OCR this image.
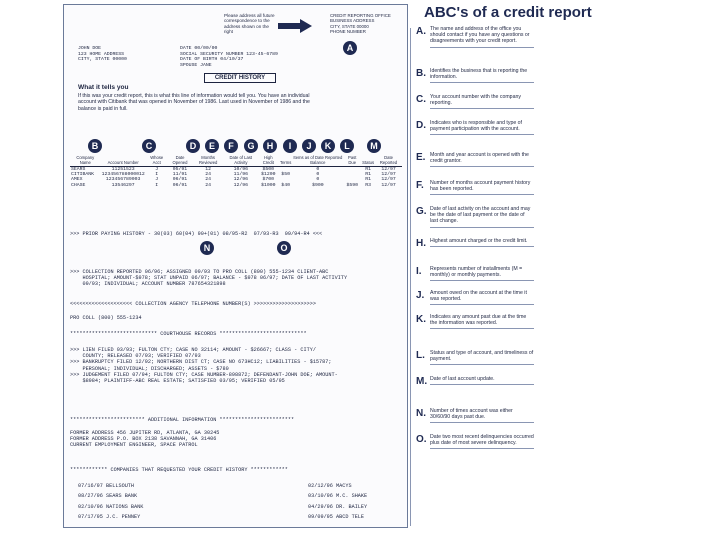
Please address all future correspondence to the address shown on the right
CREDIT REPORTING OFFICE
BUSINESS ADDRESS
CITY, STATE 00000
PHONE NUMBER
A
JOHN DOE
123 HOME ADDRESS
CITY, STATE 00000
DATE 00/00/00
SOCIAL SECURITY NUMBER 123-45-6789
DATE OF BIRTH 04/10/37
SPOUSE JANE
CREDIT HISTORY
What it tells you
If this was your credit report, this is what this line of information would tell you. You have an individual account with Citibank that was opened in November of 1986. Last used in November of 1986 and the balance is paid in full.
B	C	D	E	F	G	H	I	J	K	L	M
Company Name	Account Number	Whose Acct	Date Opened	Months Reviewed	Date of Last Activity	High Credit	Terms	Items as of Date Reported
Balance	Past Due	Status	Date Reported
SEARS	11251523	J	05/91	12	10/96	$500		0		R1	12/97
CITIBANK	123456788000012	I	11/91	24	11/96	$1200	$50	0		R1	12/97
AMEX	123456789003	J	06/91	24	12/96	$700		0		R1	12/97
CHASE	13546297	I	06/91	24	12/96	$1000	$40	$900	$590	R3	12/97
>>> PRIOR PAYING HISTORY - 30(03) 60(04) 90+(01) 08/95-R2  07/93-R3  09/94-R4 <<<
N	O
>>> COLLECTION REPORTED 06/96; ASSIGNED 09/93 TO PRO COLL (800) 555-1234 CLIENT-ABC
HOSPITAL; AMOUNT-$978; STAT UNPAID 06/97; BALANCE - $978 06/97; DATE OF LAST ACTIVITY
09/93; INDIVIDUAL; ACCOUNT NUMBER 787654321898
<<<<<<<<<<<<<<<<<<<< COLLECTION AGENCY TELEPHONE NUMBER(S) >>>>>>>>>>>>>>>>>>>>
PRO COLL (800) 555-1234
**************************** COURTHOUSE RECORDS ****************************
>>> LIEN FILED 03/93; FULTON CTY; CASE NO 32114; AMOUNT - $26667; CLASS - CITY/
COUNTY; RELEASED 07/93; VERIFIED 07/93
>>> BANKRUPTCY FILED 12/92; NORTHERN DIST CT; CASE NO 673HC12; LIABILITIES - $15787;
PERSONAL; INDIVIDUAL; DISCHARGED; ASSETS - $780
>>> JUDGEMENT FILED 07/94; FULTON CTY; CASE NUMBER-898872; DEFENDANT-JOHN DOE; AMOUNT-
$8984; PLAINTIFF-ABC REAL ESTATE; SATISFIED 03/95; VERIFIED 05/95
************************ ADDITIONAL INFORMATION ************************
FORMER ADDRESS 456 JUPITER RD, ATLANTA, GA 30245
FORMER ADDRESS P.O. BOX 2138 SAVANNAH, GA 31406
CURRENT EMPLOYMENT ENGINEER, SPACE PATROL
************ COMPANIES THAT REQUESTED YOUR CREDIT HISTORY ************
07/16/97 BELLSOUTH	02/12/96 MACYS
08/27/96 SEARS BANK	03/10/96 M.C. SHAKE
02/10/96 NATIONS BANK	04/29/96 DR. BAILEY
07/17/95 J.C. PENNEY	09/09/95 ABCD TELE
ABC's of a credit report
A. The name and address of the office you should contact if you have any questions or disagreements with your credit report.
B. Identifies the business that is reporting the information.
C. Your account number with the company reporting.
D. Indicates who is responsible and type of payment participation with the account.
E. Month and year account is opened with the credit grantor.
F. Number of months account payment history has been reported.
G. Date of last activity on the account and may be the date of last payment or the date of last change.
H. Highest amount charged or the credit limit.
I. Represents number of installments (M = monthly) or monthly payments.
J. Amount owed on the account at the time it was reported.
K. Indicates any amount past due at the time the information was reported.
L. Status and type of account, and timeliness of payment.
M. Date of last account update.
N. Number of times account was either 30/60/90 days past due.
O. Date two most recent delinquencies occurred plus date of most severe delinquency.
